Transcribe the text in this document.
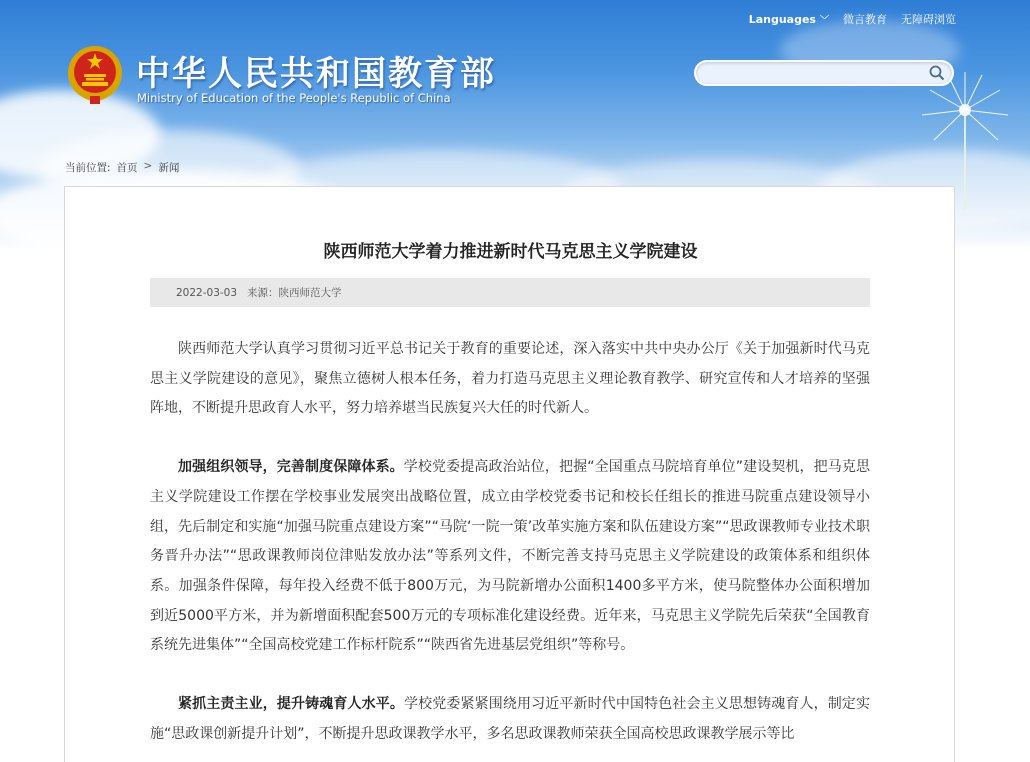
Languages ﹀ 微言教育 无障碍浏览
中华人民共和国教育部
Ministry of Education of the People's Republic of China
当前位置: 首页 > 新闻
陕西师范大学着力推进新时代马克思主义学院建设
2022-03-03 来源：陕西师范大学

陕西师范大学认真学习贯彻习近平总书记关于教育的重要论述，深入落实中共中央办公厅《关于加强新时代马克思主义学院建设的意见》，聚焦立德树人根本任务，着力打造马克思主义理论教育教学、研究宣传和人才培养的坚强阵地，不断提升思政育人水平，努力培养堪当民族复兴大任的时代新人。

加强组织领导，完善制度保障体系。学校党委提高政治站位，把握“全国重点马院培育单位”建设契机，把马克思主义学院建设工作摆在学校事业发展突出战略位置，成立由学校党委书记和校长任组长的推进马院重点建设领导小组，先后制定和实施“加强马院重点建设方案”“马院‘一院一策’改革实施方案和队伍建设方案”“思政课教师专业技术职务晋升办法”“思政课教师岗位津贴发放办法”等系列文件，不断完善支持马克思主义学院建设的政策体系和组织体系。加强条件保障，每年投入经费不低于800万元，为马院新增办公面积1400多平方米，使马院整体办公面积增加到近5000平方米，并为新增面积配套500万元的专项标准化建设经费。近年来，马克思主义学院先后荣获“全国教育系统先进集体”“全国高校党建工作标杆院系”“陕西省先进基层党组织”等称号。

紧抓主责主业，提升铸魂育人水平。学校党委紧紧围绕用习近平新时代中国特色社会主义思想铸魂育人，制定实施“思政课创新提升计划”，不断提升思政课教学水平，多名思政课教师荣获全国高校思政课教学展示等比
